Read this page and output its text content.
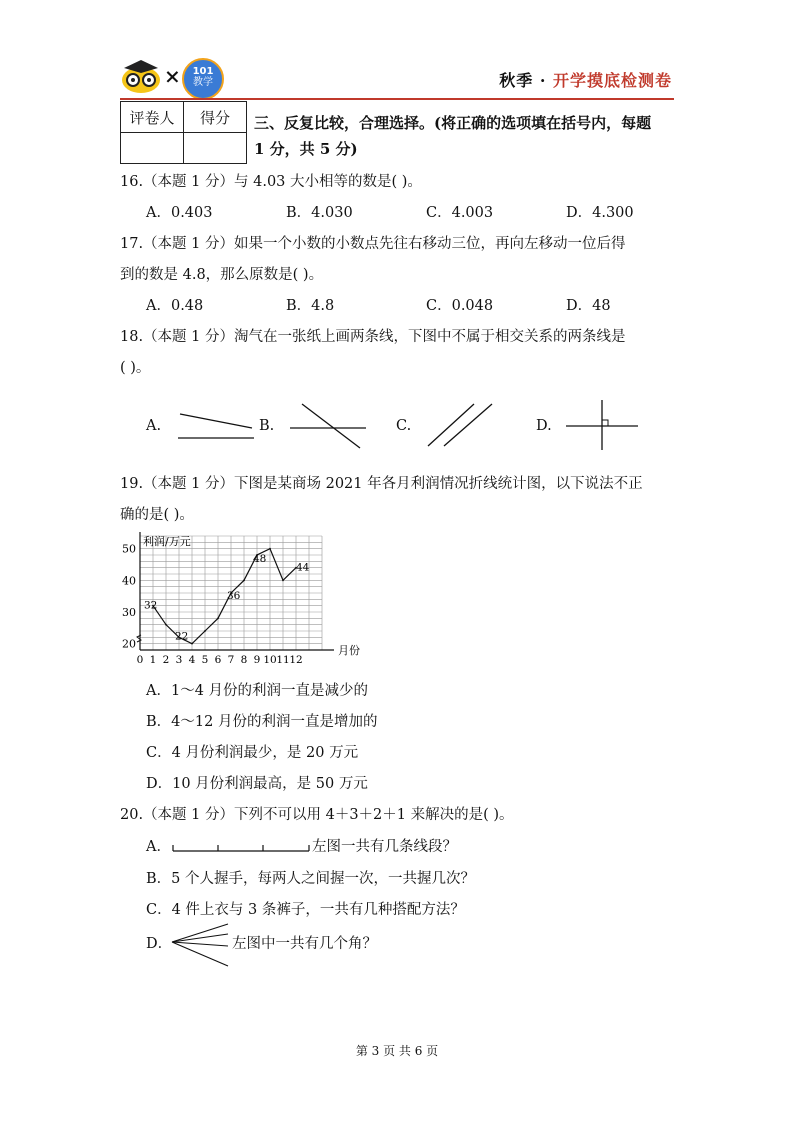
×	101
教学	秋季 · 开学摸底检测卷
评卷人	得分
	三、反复比较，合理选择。(将正确的选项填在括号内，每题
1 分，共 5 分)
16.（本题 1 分）与 4.03 大小相等的数是( )。
A．0.403	B．4.030	C．4.003	D．4.300
17.（本题 1 分）如果一个小数的小数点先往右移动三位，再向左移动一位后得
到的数是 4.8，那么原数是( )。
A．0.48	B．4.8	C．0.048	D．48
18.（本题 1 分）淘气在一张纸上画两条线，下图中不属于相交关系的两条线是
( )。
A.	B.	C.	D.
19.（本题 1 分）下图是某商场 2021 年各月利润情况折线统计图，以下说法不正
确的是( )。
利润/万元
月份
20
30
40
50
0 1 2 3 4 5 6 7 8 9 10 11 12
32
22
36
48
44
A．1～4 月份的利润一直是减少的
B．4～12 月份的利润一直是增加的
C．4 月份利润最少，是 20 万元
D．10 月份利润最高，是 50 万元
20.（本题 1 分）下列不可以用 4＋3＋2＋1 来解决的是( )。
A．	左图一共有几条线段？
B．5 个人握手，每两人之间握一次，一共握几次？
C．4 件上衣与 3 条裤子，一共有几种搭配方法？
D．	左图中一共有几个角？
第 3 页 共 6 页
